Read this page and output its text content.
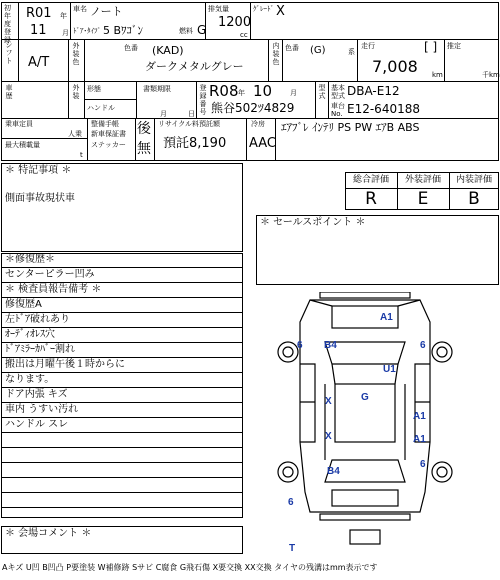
初年度登録
R01 年
11 月
車名 ノート
ﾄﾞｱ･ﾀｲﾌﾟ 5 Bﾜｺﾞﾝ	燃料 G
排気量
1200
cc
ｸﾞﾚｰﾄﾞ X
シフト A/T
外装色
色番 (KAD)
ダークメタルグレー
内装色
色番 (G)	系
走行	[ ]
7,008 km
推定
千km
車歴
外装
形態
ハンドル
書類期限
月	日
登録番号
R08 年 10	月
熊谷502ﾂ4829
型式
基本型式 DBA-E12
車台No. E12-640188
乗車定員
人乗
最大積載量
t
整備手帳
新車保証書
ステッカー
後
無
リサイクル料預託額
預託8,190
冷房
AAC
ｴｱﾌﾞﾚ ｲﾝﾃﾘ PS PW ｴｱB ABS
＊ 特記事項 ＊
側面事故現状車
＊修復歴＊
センターピラー凹み
＊ 検査員報告備考 ＊
修復歴A
左ﾄﾞｱ破れあり
ｵｰﾃﾞｨｵﾚｽ穴
ﾄﾞｱﾐﾗｰｶﾊﾞｰ割れ
搬出は月曜午後１時からに
なります。
ドア内張 キズ
車内 うすい汚れ
ハンドル スレ
＊ 会場コメント ＊
総合評価	外装評価	内装評価
R	E	B
＊ セールスポイント ＊
A1
B4
6	6
U1
G
X
X
A1
A1
B4
6
6
T
Aキズ U凹 B凹凸 P要塗装 W補修跡 Sサビ C腐食 G飛石傷 X要交換 XX交換 タイヤの残溝はmm表示です
